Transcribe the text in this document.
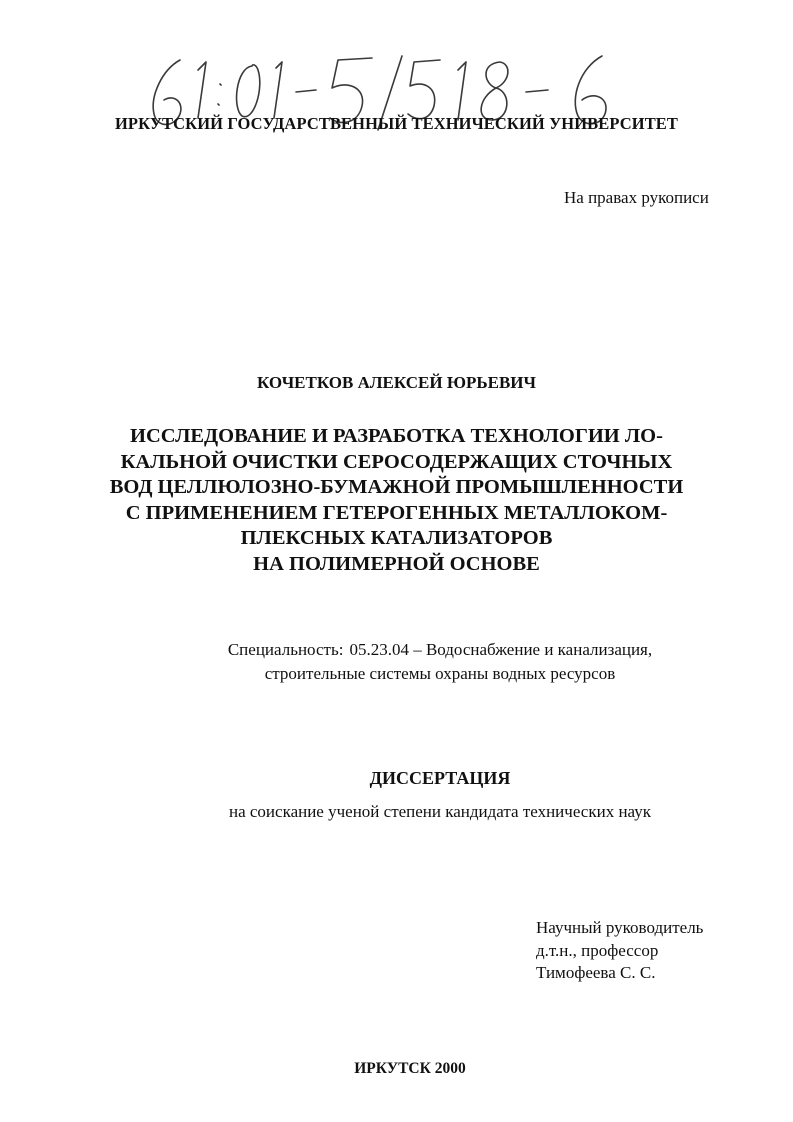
ИРКУТСКИЙ ГОСУДАРСТВЕННЫЙ ТЕХНИЧЕСКИЙ УНИВЕРСИТЕТ
На правах рукописи
КОЧЕТКОВ АЛЕКСЕЙ ЮРЬЕВИЧ
ИССЛЕДОВАНИЕ И РАЗРАБОТКА ТЕХНОЛОГИИ ЛО-
КАЛЬНОЙ ОЧИСТКИ СЕРОСОДЕРЖАЩИХ СТОЧНЫХ
ВОД ЦЕЛЛЮЛОЗНО-БУМАЖНОЙ ПРОМЫШЛЕННОСТИ
С ПРИМЕНЕНИЕМ ГЕТЕРОГЕННЫХ МЕТАЛЛОКОМ-
ПЛЕКСНЫХ КАТАЛИЗАТОРОВ
НА ПОЛИМЕРНОЙ ОСНОВЕ
Специальность: 05.23.04 – Водоснабжение и канализация,
строительные системы охраны водных ресурсов
ДИССЕРТАЦИЯ
на соискание ученой степени кандидата технических наук
Научный руководитель
д.т.н., профессор
Тимофеева С. С.
ИРКУТСК 2000
